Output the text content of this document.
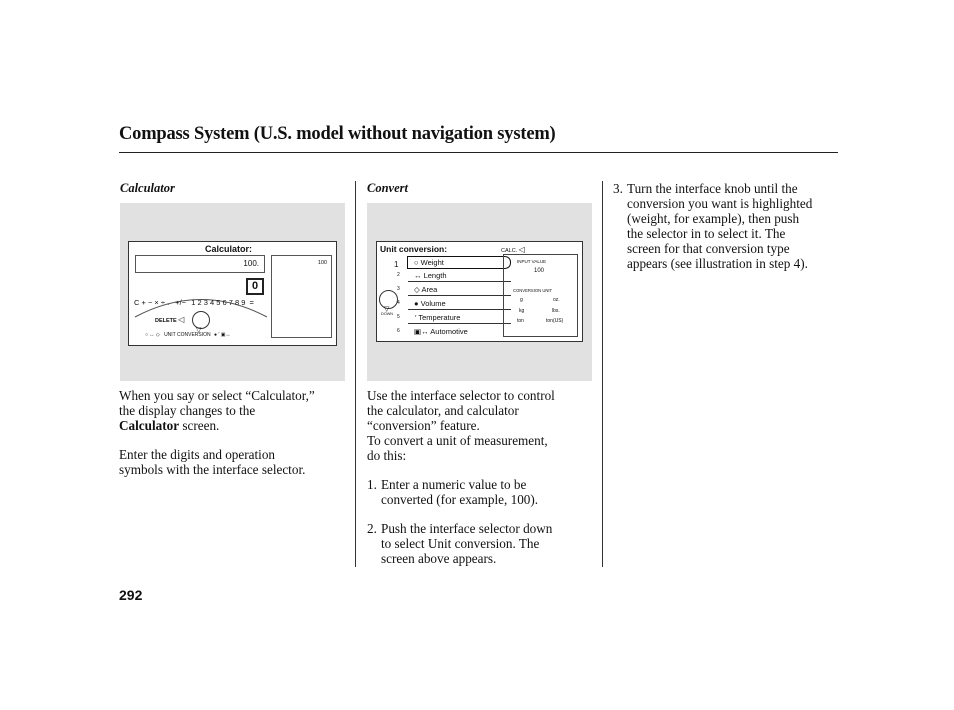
Compass System (U.S. model without navigation system)
Calculator
Calculator:
100.	100
0
C + − × ÷ . +/− 1 2 3 4 5 6 7 8 9 =
DELETE ◁
▽
○ ↔ ◇ UNIT CONVERSION ● ′ ▣↔
When you say or select “Calculator,”
the display changes to the
Calculator screen.
Enter the digits and operation
symbols with the interface selector.
Convert
Unit conversion:	CALC. ◁
1
DOWN
▽
○ Weight
2 ↔ Length
3 ◇ Area
4 ● Volume
5 ′ Temperature
6 ▣↔ Automotive
INPUT VALUE
100
CONVERSION UNIT
g	oz.
kg	lbs.
ton	ton(US)
Use the interface selector to control
the calculator, and calculator
“conversion” feature.
To convert a unit of measurement,
do this:
1. Enter a numeric value to be
converted (for example, 100).
2. Push the interface selector down
to select Unit conversion. The
screen above appears.
3. Turn the interface knob until the
conversion you want is highlighted
(weight, for example), then push
the selector in to select it. The
screen for that conversion type
appears (see illustration in step 4).
292
